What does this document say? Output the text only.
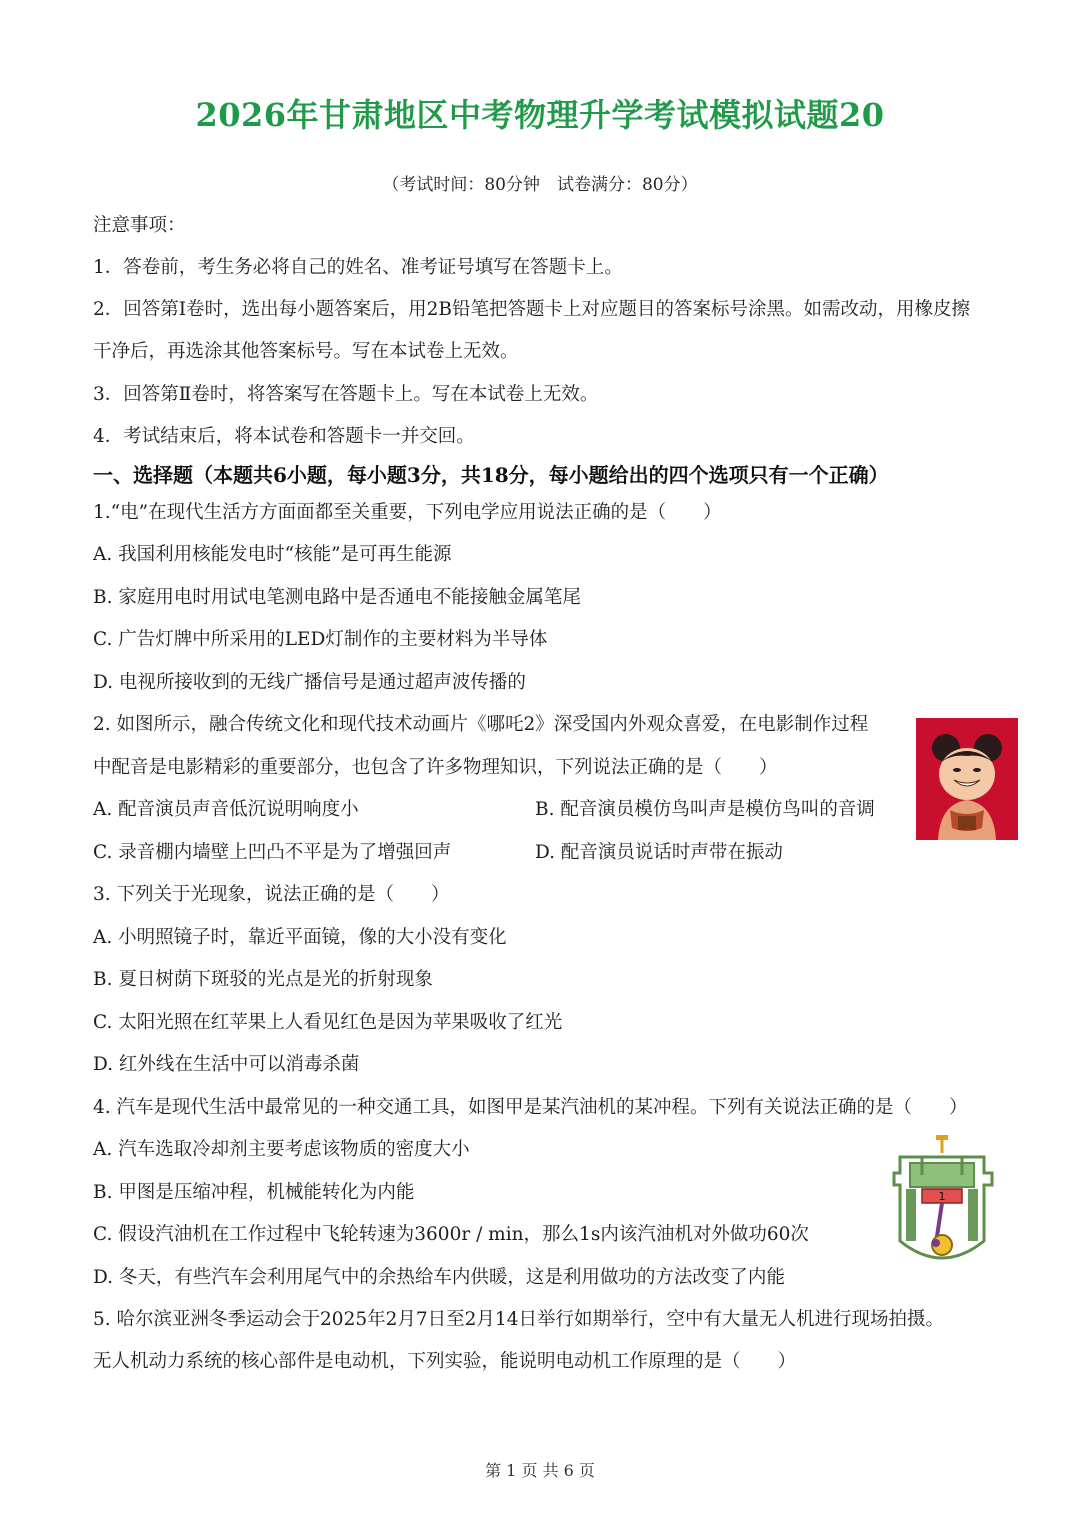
2026年甘肃地区中考物理升学考试模拟试题20
（考试时间：80分钟　试卷满分：80分）
注意事项：
1．答卷前，考生务必将自己的姓名、准考证号填写在答题卡上。
2．回答第Ⅰ卷时，选出每小题答案后，用2B铅笔把答题卡上对应题目的答案标号涂黑。如需改动，用橡皮擦
干净后，再选涂其他答案标号。写在本试卷上无效。
3．回答第Ⅱ卷时，将答案写在答题卡上。写在本试卷上无效。
4．考试结束后，将本试卷和答题卡一并交回。
一、选择题（本题共6小题，每小题3分，共18分，每小题给出的四个选项只有一个正确）
1.“电”在现代生活方方面面都至关重要，下列电学应用说法正确的是（　　）
A. 我国利用核能发电时“核能”是可再生能源
B. 家庭用电时用试电笔测电路中是否通电不能接触金属笔尾
C. 广告灯牌中所采用的LED灯制作的主要材料为半导体
D. 电视所接收到的无线广播信号是通过超声波传播的
2. 如图所示，融合传统文化和现代技术动画片《哪吒2》深受国内外观众喜爱，在电影制作过程
中配音是电影精彩的重要部分，也包含了许多物理知识，下列说法正确的是（　　）
A. 配音演员声音低沉说明响度小	B. 配音演员模仿鸟叫声是模仿鸟叫的音调
C. 录音棚内墙壁上凹凸不平是为了增强回声	D. 配音演员说话时声带在振动
3. 下列关于光现象，说法正确的是（　　）
A. 小明照镜子时，靠近平面镜，像的大小没有变化
B. 夏日树荫下斑驳的光点是光的折射现象
C. 太阳光照在红苹果上人看见红色是因为苹果吸收了红光
D. 红外线在生活中可以消毒杀菌
4. 汽车是现代生活中最常见的一种交通工具，如图甲是某汽油机的某冲程。下列有关说法正确的是（　　）
A. 汽车选取冷却剂主要考虑该物质的密度大小
B. 甲图是压缩冲程，机械能转化为内能
C. 假设汽油机在工作过程中飞轮转速为3600r / min，那么1s内该汽油机对外做功60次
D. 冬天，有些汽车会利用尾气中的余热给车内供暖，这是利用做功的方法改变了内能
1
5. 哈尔滨亚洲冬季运动会于2025年2月7日至2月14日举行如期举行，空中有大量无人机进行现场拍摄。
无人机动力系统的核心部件是电动机，下列实验，能说明电动机工作原理的是（　　）
第 1 页 共 6 页
